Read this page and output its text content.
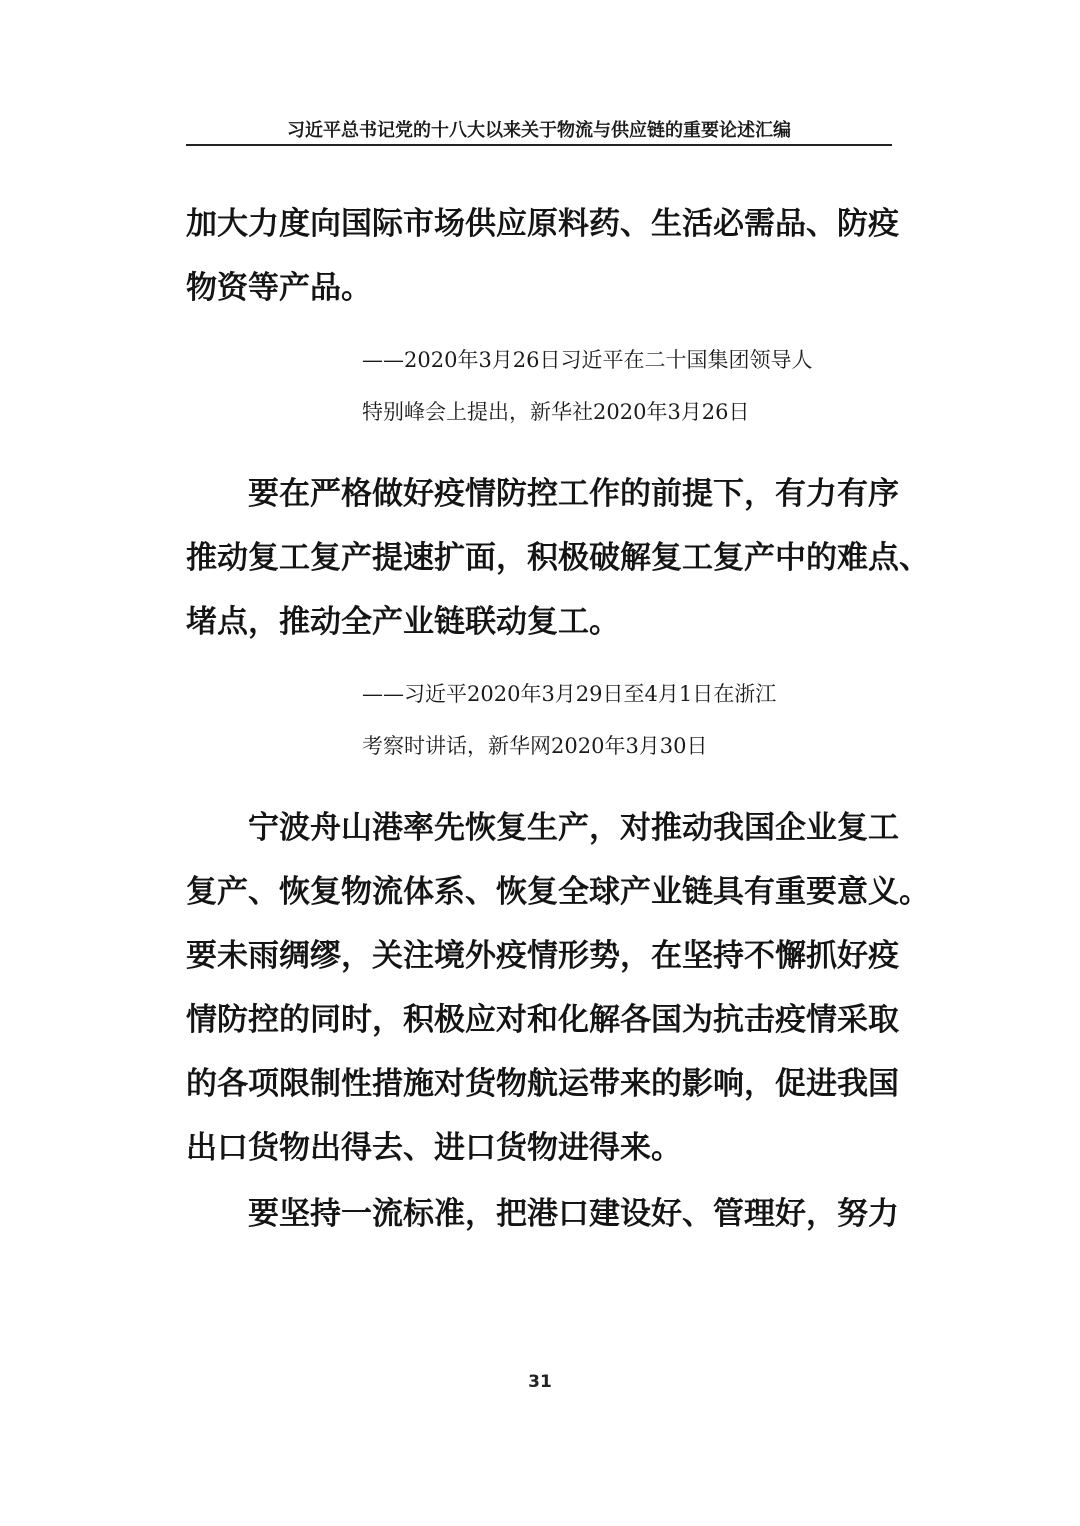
习近平总书记党的十八大以来关于物流与供应链的重要论述汇编
加大力度向国际市场供应原料药、生活必需品、防疫
物资等产品。
——2020年3月26日习近平在二十国集团领导人
特别峰会上提出，新华社2020年3月26日
要在严格做好疫情防控工作的前提下，有力有序
推动复工复产提速扩面，积极破解复工复产中的难点、
堵点，推动全产业链联动复工。
——习近平2020年3月29日至4月1日在浙江
考察时讲话，新华网2020年3月30日
宁波舟山港率先恢复生产，对推动我国企业复工
复产、恢复物流体系、恢复全球产业链具有重要意义。
要未雨绸缪，关注境外疫情形势，在坚持不懈抓好疫
情防控的同时，积极应对和化解各国为抗击疫情采取
的各项限制性措施对货物航运带来的影响，促进我国
出口货物出得去、进口货物进得来。
要坚持一流标准，把港口建设好、管理好，努力
31
